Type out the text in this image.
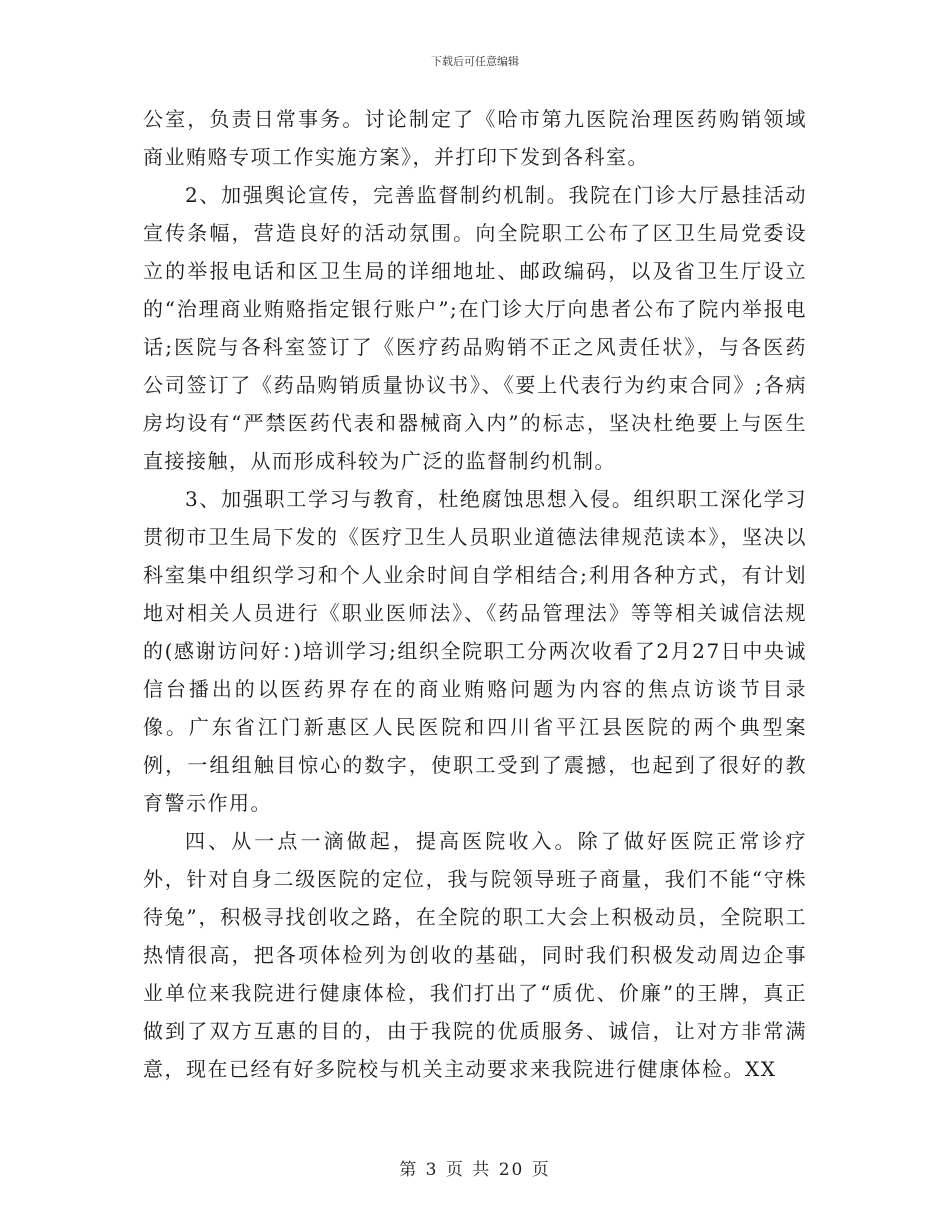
下载后可任意编辑

公室，负责日常事务。讨论制定了《哈市第九医院治理医药购销领域商业贿赂专项工作实施方案》，并打印下发到各科室。

2、加强舆论宣传，完善监督制约机制。我院在门诊大厅悬挂活动宣传条幅，营造良好的活动氛围。向全院职工公布了区卫生局党委设立的举报电话和区卫生局的详细地址、邮政编码，以及省卫生厅设立的“治理商业贿赂指定银行账户”;在门诊大厅向患者公布了院内举报电话;医院与各科室签订了《医疗药品购销不正之风责任状》，与各医药公司签订了《药品购销质量协议书》、《要上代表行为约束合同》;各病房均设有“严禁医药代表和器械商入内”的标志，坚决杜绝要上与医生直接接触，从而形成科较为广泛的监督制约机制。

3、加强职工学习与教育，杜绝腐蚀思想入侵。组织职工深化学习贯彻市卫生局下发的《医疗卫生人员职业道德法律规范读本》，坚决以科室集中组织学习和个人业余时间自学相结合;利用各种方式，有计划地对相关人员进行《职业医师法》、《药品管理法》等等相关诚信法规的(感谢访问好：)培训学习;组织全院职工分两次收看了2月27日中央诚信台播出的以医药界存在的商业贿赂问题为内容的焦点访谈节目录像。广东省江门新惠区人民医院和四川省平江县医院的两个典型案例，一组组触目惊心的数字，使职工受到了震撼，也起到了很好的教育警示作用。

四、从一点一滴做起，提高医院收入。除了做好医院正常诊疗外，针对自身二级医院的定位，我与院领导班子商量，我们不能“守株待兔”，积极寻找创收之路，在全院的职工大会上积极动员，全院职工热情很高，把各项体检列为创收的基础，同时我们积极发动周边企事业单位来我院进行健康体检，我们打出了“质优、价廉”的王牌，真正做到了双方互惠的目的，由于我院的优质服务、诚信，让对方非常满意，现在已经有好多院校与机关主动要求来我院进行健康体检。XX

第 3 页 共 20 页
